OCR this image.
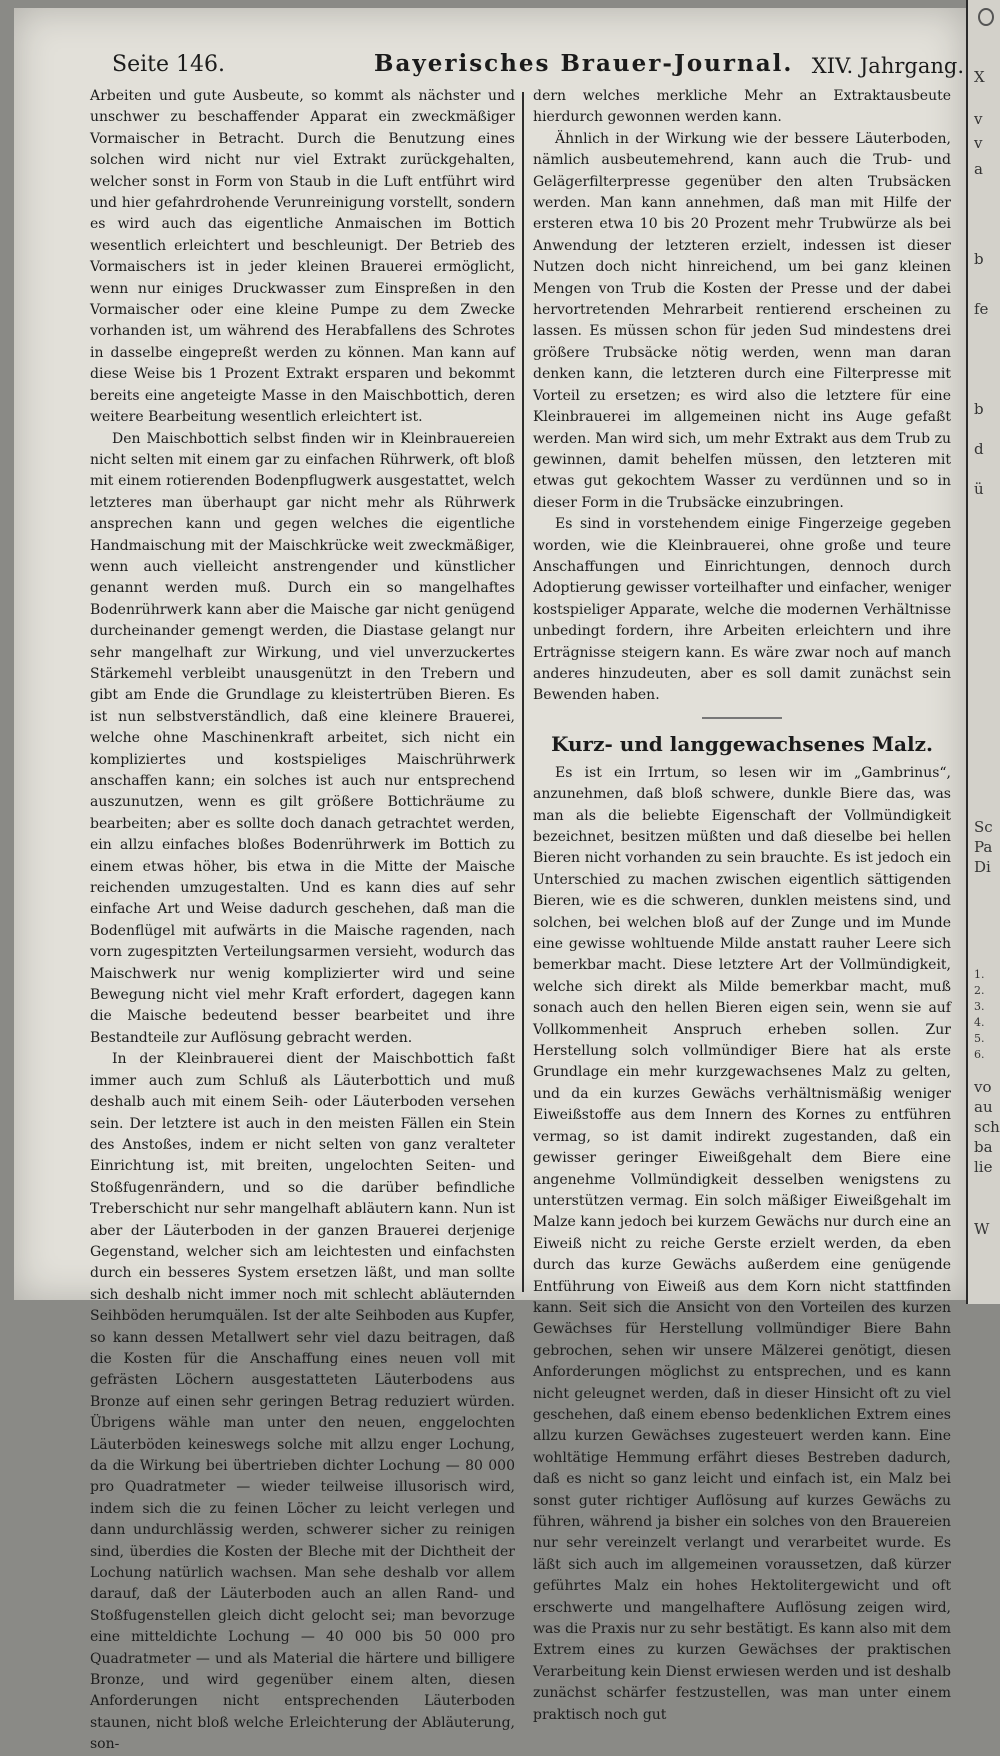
Seite 146.	Bayerisches Brauer-Journal. XIV. Jahrgang.

Arbeiten und gute Ausbeute, so kommt als nächster und unschwer zu beschaffender Apparat ein zweckmäßiger Vormaischer in Betracht. Durch die Benutzung eines solchen wird nicht nur viel Extrakt zurückgehalten, welcher sonst in Form von Staub in die Luft entführt wird und hier gefahrdrohende Verunreinigung vorstellt, sondern es wird auch das eigentliche Anmaischen im Bottich wesentlich erleichtert und beschleunigt. Der Betrieb des Vormaischers ist in jeder kleinen Brauerei ermöglicht, wenn nur einiges Druckwasser zum Einspreßen in den Vormaischer oder eine kleine Pumpe zu dem Zwecke vorhanden ist, um während des Herabfallens des Schrotes in dasselbe eingepreßt werden zu können. Man kann auf diese Weise bis 1 Prozent Extrakt ersparen und bekommt bereits eine angeteigte Masse in den Maischbottich, deren weitere Bearbeitung wesentlich erleichtert ist.

Den Maischbottich selbst finden wir in Kleinbrauereien nicht selten mit einem gar zu einfachen Rührwerk, oft bloß mit einem rotierenden Bodenpflugwerk ausgestattet, welch letzteres man überhaupt gar nicht mehr als Rührwerk ansprechen kann und gegen welches die eigentliche Handmaischung mit der Maischkrücke weit zweckmäßiger, wenn auch vielleicht anstrengender und künstlicher genannt werden muß. Durch ein so mangelhaftes Bodenrührwerk kann aber die Maische gar nicht genügend durcheinander gemengt werden, die Diastase gelangt nur sehr mangelhaft zur Wirkung, und viel unverzuckertes Stärkemehl verbleibt unausgenützt in den Trebern und gibt am Ende die Grundlage zu kleistertrüben Bieren. Es ist nun selbstverständlich, daß eine kleinere Brauerei, welche ohne Maschinenkraft arbeitet, sich nicht ein kompliziertes und kostspieliges Maischrührwerk anschaffen kann; ein solches ist auch nur entsprechend auszunutzen, wenn es gilt größere Bottichräume zu bearbeiten; aber es sollte doch danach getrachtet werden, ein allzu einfaches bloßes Bodenrührwerk im Bottich zu einem etwas höher, bis etwa in die Mitte der Maische reichenden umzugestalten. Und es kann dies auf sehr einfache Art und Weise dadurch geschehen, daß man die Bodenflügel mit aufwärts in die Maische ragenden, nach vorn zugespitzten Verteilungsarmen versieht, wodurch das Maischwerk nur wenig komplizierter wird und seine Bewegung nicht viel mehr Kraft erfordert, dagegen kann die Maische bedeutend besser bearbeitet und ihre Bestandteile zur Auflösung gebracht werden.

In der Kleinbrauerei dient der Maischbottich faßt immer auch zum Schluß als Läuterbottich und muß deshalb auch mit einem Seih- oder Läuterboden versehen sein. Der letztere ist auch in den meisten Fällen ein Stein des Anstoßes, indem er nicht selten von ganz veralteter Einrichtung ist, mit breiten, ungelochten Seiten- und Stoßfugenrändern, und so die darüber befindliche Treberschicht nur sehr mangelhaft abläutern kann. Nun ist aber der Läuterboden in der ganzen Brauerei derjenige Gegenstand, welcher sich am leichtesten und einfachsten durch ein besseres System ersetzen läßt, und man sollte sich deshalb nicht immer noch mit schlecht abläuternden Seihböden herumquälen. Ist der alte Seihboden aus Kupfer, so kann dessen Metallwert sehr viel dazu beitragen, daß die Kosten für die Anschaffung eines neuen voll mit gefrästen Löchern ausgestatteten Läuterbodens aus Bronze auf einen sehr geringen Betrag reduziert würden. Übrigens wähle man unter den neuen, enggelochten Läuterböden keineswegs solche mit allzu enger Lochung, da die Wirkung bei übertrieben dichter Lochung — 80 000 pro Quadratmeter — wieder teilweise illusorisch wird, indem sich die zu feinen Löcher zu leicht verlegen und dann undurchlässig werden, schwerer sicher zu reinigen sind, überdies die Kosten der Bleche mit der Dichtheit der Lochung natürlich wachsen. Man sehe deshalb vor allem darauf, daß der Läuterboden auch an allen Rand- und Stoßfugenstellen gleich dicht gelocht sei; man bevorzuge eine mitteldichte Lochung — 40 000 bis 50 000 pro Quadratmeter — und als Material die härtere und billigere Bronze, und wird gegenüber einem alten, diesen Anforderungen nicht entsprechenden Läuterboden staunen, nicht bloß welche Erleichterung der Abläuterung, son-

dern welches merkliche Mehr an Extraktausbeute hierdurch gewonnen werden kann.

Ähnlich in der Wirkung wie der bessere Läuterboden, nämlich ausbeutemehrend, kann auch die Trub- und Gelägerfilterpresse gegenüber den alten Trubsäcken werden. Man kann annehmen, daß man mit Hilfe der ersteren etwa 10 bis 20 Prozent mehr Trubwürze als bei Anwendung der letzteren erzielt, indessen ist dieser Nutzen doch nicht hinreichend, um bei ganz kleinen Mengen von Trub die Kosten der Presse und der dabei hervortretenden Mehrarbeit rentierend erscheinen zu lassen. Es müssen schon für jeden Sud mindestens drei größere Trubsäcke nötig werden, wenn man daran denken kann, die letzteren durch eine Filterpresse mit Vorteil zu ersetzen; es wird also die letztere für eine Kleinbrauerei im allgemeinen nicht ins Auge gefaßt werden. Man wird sich, um mehr Extrakt aus dem Trub zu gewinnen, damit behelfen müssen, den letzteren mit etwas gut gekochtem Wasser zu verdünnen und so in dieser Form in die Trubsäcke einzubringen.

Es sind in vorstehendem einige Fingerzeige gegeben worden, wie die Kleinbrauerei, ohne große und teure Anschaffungen und Einrichtungen, dennoch durch Adoptierung gewisser vorteilhafter und einfacher, weniger kostspieliger Apparate, welche die modernen Verhältnisse unbedingt fordern, ihre Arbeiten erleichtern und ihre Erträgnisse steigern kann. Es wäre zwar noch auf manch anderes hinzudeuten, aber es soll damit zunächst sein Bewenden haben.

Kurz- und langgewachsenes Malz.

Es ist ein Irrtum, so lesen wir im „Gambrinus“, anzunehmen, daß bloß schwere, dunkle Biere das, was man als die beliebte Eigenschaft der Vollmündigkeit bezeichnet, besitzen müßten und daß dieselbe bei hellen Bieren nicht vorhanden zu sein brauchte. Es ist jedoch ein Unterschied zu machen zwischen eigentlich sättigenden Bieren, wie es die schweren, dunklen meistens sind, und solchen, bei welchen bloß auf der Zunge und im Munde eine gewisse wohltuende Milde anstatt rauher Leere sich bemerkbar macht. Diese letztere Art der Vollmündigkeit, welche sich direkt als Milde bemerkbar macht, muß sonach auch den hellen Bieren eigen sein, wenn sie auf Vollkommenheit Anspruch erheben sollen. Zur Herstellung solch vollmündiger Biere hat als erste Grundlage ein mehr kurzgewachsenes Malz zu gelten, und da ein kurzes Gewächs verhältnismäßig weniger Eiweißstoffe aus dem Innern des Kornes zu entführen vermag, so ist damit indirekt zugestanden, daß ein gewisser geringer Eiweißgehalt dem Biere eine angenehme Vollmündigkeit desselben wenigstens zu unterstützen vermag. Ein solch mäßiger Eiweißgehalt im Malze kann jedoch bei kurzem Gewächs nur durch eine an Eiweiß nicht zu reiche Gerste erzielt werden, da eben durch das kurze Gewächs außerdem eine genügende Entführung von Eiweiß aus dem Korn nicht stattfinden kann. Seit sich die Ansicht von den Vorteilen des kurzen Gewächses für Herstellung vollmündiger Biere Bahn gebrochen, sehen wir unsere Mälzerei genötigt, diesen Anforderungen möglichst zu entsprechen, und es kann nicht geleugnet werden, daß in dieser Hinsicht oft zu viel geschehen, daß einem ebenso bedenklichen Extrem eines allzu kurzen Gewächses zugesteuert werden kann. Eine wohltätige Hemmung erfährt dieses Bestreben dadurch, daß es nicht so ganz leicht und einfach ist, ein Malz bei sonst guter richtiger Auflösung auf kurzes Gewächs zu führen, während ja bisher ein solches von den Brauereien nur sehr vereinzelt verlangt und verarbeitet wurde. Es läßt sich auch im allgemeinen voraussetzen, daß kürzer geführtes Malz ein hohes Hektolitergewicht und oft erschwerte und mangelhaftere Auflösung zeigen wird, was die Praxis nur zu sehr bestätigt. Es kann also mit dem Extrem eines zu kurzen Gewächses der praktischen Verarbeitung kein Dienst erwiesen werden und ist deshalb zunächst schärfer festzustellen, was man unter einem praktisch noch gut

X
v
v
a
b
fe
b
d
ü
Sc
Pa
Di
1.
2.
3.
4.
5.
6.
vo
au
sch
ba
lie
W
